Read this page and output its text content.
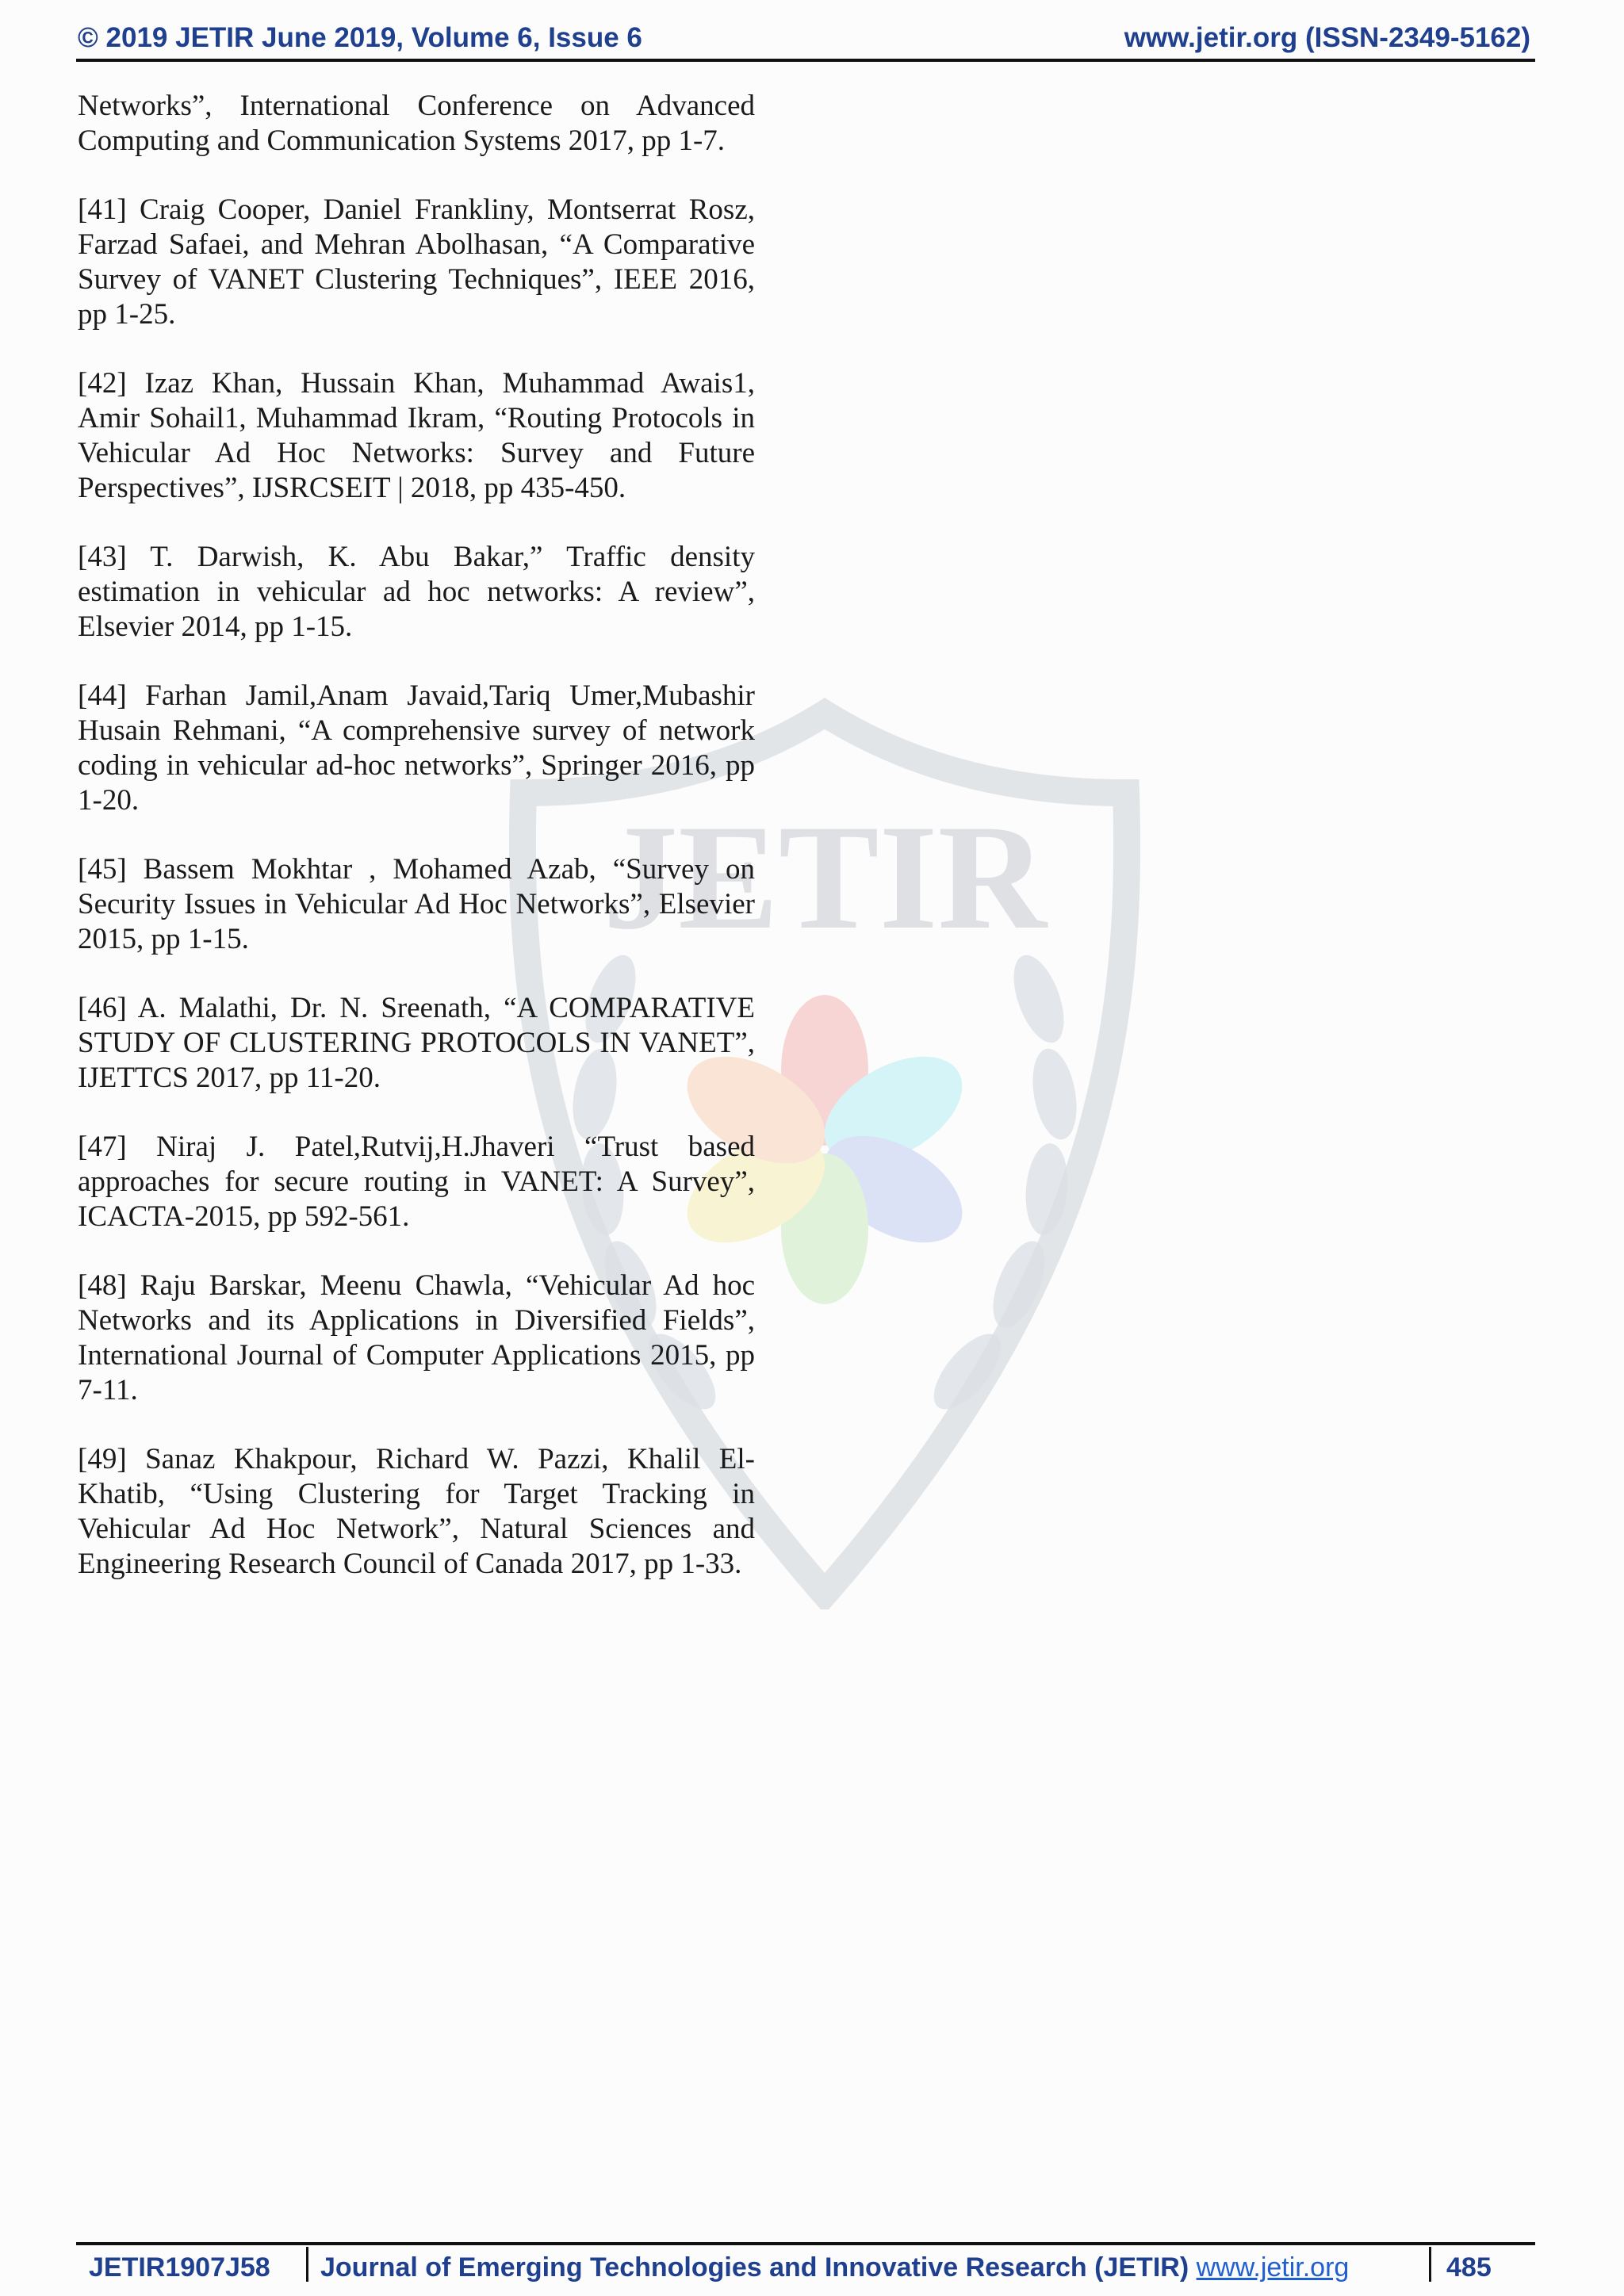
© 2019 JETIR June 2019, Volume 6, Issue 6	www.jetir.org (ISSN-2349-5162)
JETIR

Networks”, International Conference on Advanced Computing and Communication Systems 2017, pp 1-7.

[41] Craig Cooper, Daniel Frankliny, Montserrat Rosz, Farzad Safaei, and Mehran Abolhasan, “A Comparative Survey of VANET Clustering Techniques”, IEEE 2016, pp 1-25.

[42] Izaz Khan, Hussain Khan, Muhammad Awais1, Amir Sohail1, Muhammad Ikram, “Routing Protocols in Vehicular Ad Hoc Networks: Survey and Future Perspectives”, IJSRCSEIT | 2018, pp 435-450.

[43] T. Darwish, K. Abu Bakar,” Traffic density estimation in vehicular ad hoc networks: A review”, Elsevier 2014, pp 1-15.

[44] Farhan Jamil,Anam Javaid,Tariq Umer,Mubashir Husain Rehmani, “A comprehensive survey of network coding in vehicular ad-hoc networks”, Springer 2016, pp 1-20.

[45] Bassem Mokhtar , Mohamed Azab, “Survey on Security Issues in Vehicular Ad Hoc Networks”, Elsevier 2015, pp 1-15.

[46] A. Malathi, Dr. N. Sreenath, “A COMPARATIVE STUDY OF CLUSTERING PROTOCOLS IN VANET”, IJETTCS 2017, pp 11-20.

[47] Niraj J. Patel,Rutvij,H.Jhaveri “Trust based approaches for secure routing in VANET: A Survey”, ICACTA-2015, pp 592-561.

[48] Raju Barskar, Meenu Chawla, “Vehicular Ad hoc Networks and its Applications in Diversified Fields”, International Journal of Computer Applications 2015, pp 7-11.

[49] Sanaz Khakpour, Richard W. Pazzi, Khalil El-Khatib, “Using Clustering for Target Tracking in Vehicular Ad Hoc Network”, Natural Sciences and Engineering Research Council of Canada 2017, pp 1-33.

JETIR1907J58 Journal of Emerging Technologies and Innovative Research (JETIR) www.jetir.org	485
